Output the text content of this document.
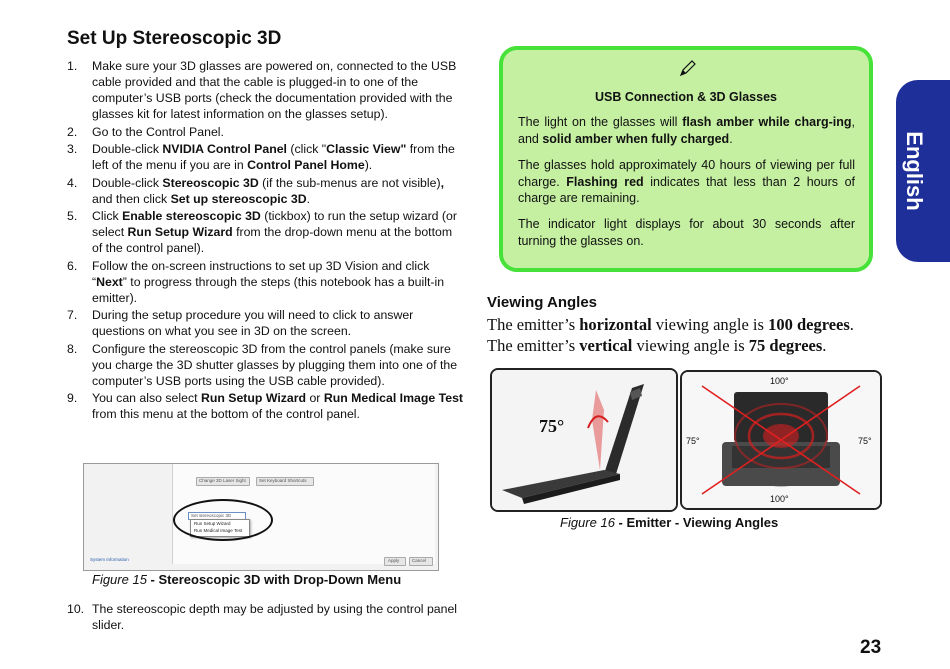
Set Up Stereoscopic 3D
1. Make sure your 3D glasses are powered on, connected to the USB cable provided and that the cable is plugged-in to one of the computer’s USB ports (check the documentation provided with the glasses kit for latest information on the glasses setup).
2. Go to the Control Panel.
3. Double-click NVIDIA Control Panel (click "Classic View" from the left of the menu if you are in Control Panel Home).
4. Double-click Stereoscopic 3D (if the sub-menus are not visible), and then click Set up stereoscopic 3D.
5. Click Enable stereoscopic 3D (tickbox) to run the setup wizard (or select Run Setup Wizard from the drop-down menu at the bottom of the control panel).
6. Follow the on-screen instructions to set up 3D Vision and click “Next” to progress through the steps (this notebook has a built-in emitter).
7. During the setup procedure you will need to click to answer questions on what you see in 3D on the screen.
8. Configure the stereoscopic 3D from the control panels (make sure you charge the 3D shutter glasses by plugging them into one of the computer’s USB ports using the USB cable provided).
9. You can also select Run Setup Wizard or Run Medical Image Test from this menu at the bottom of the control panel.
Change 3D Laser Sight	Set Keyboard Shortcuts
Set stereoscopic 3D
Run Setup Wizard
Run Medical Image Test
Apply	Cancel
System Information
Figure 15 - Stereoscopic 3D with Drop-Down Menu
10. The stereoscopic depth may be adjusted by using the control panel slider.
USB Connection & 3D Glasses

The light on the glasses will flash amber while charg-ing, and solid amber when fully charged.

The glasses hold approximately 40 hours of viewing per full charge. Flashing red indicates that less than 2 hours of charge are remaining.

The indicator light displays for about 30 seconds after turning the glasses on.

English
Viewing Angles
The emitter’s horizontal viewing angle is 100 degrees.
The emitter’s vertical viewing angle is 75 degrees.
75°
100°
100°
75°	75°
Figure 16 - Emitter - Viewing Angles
23
